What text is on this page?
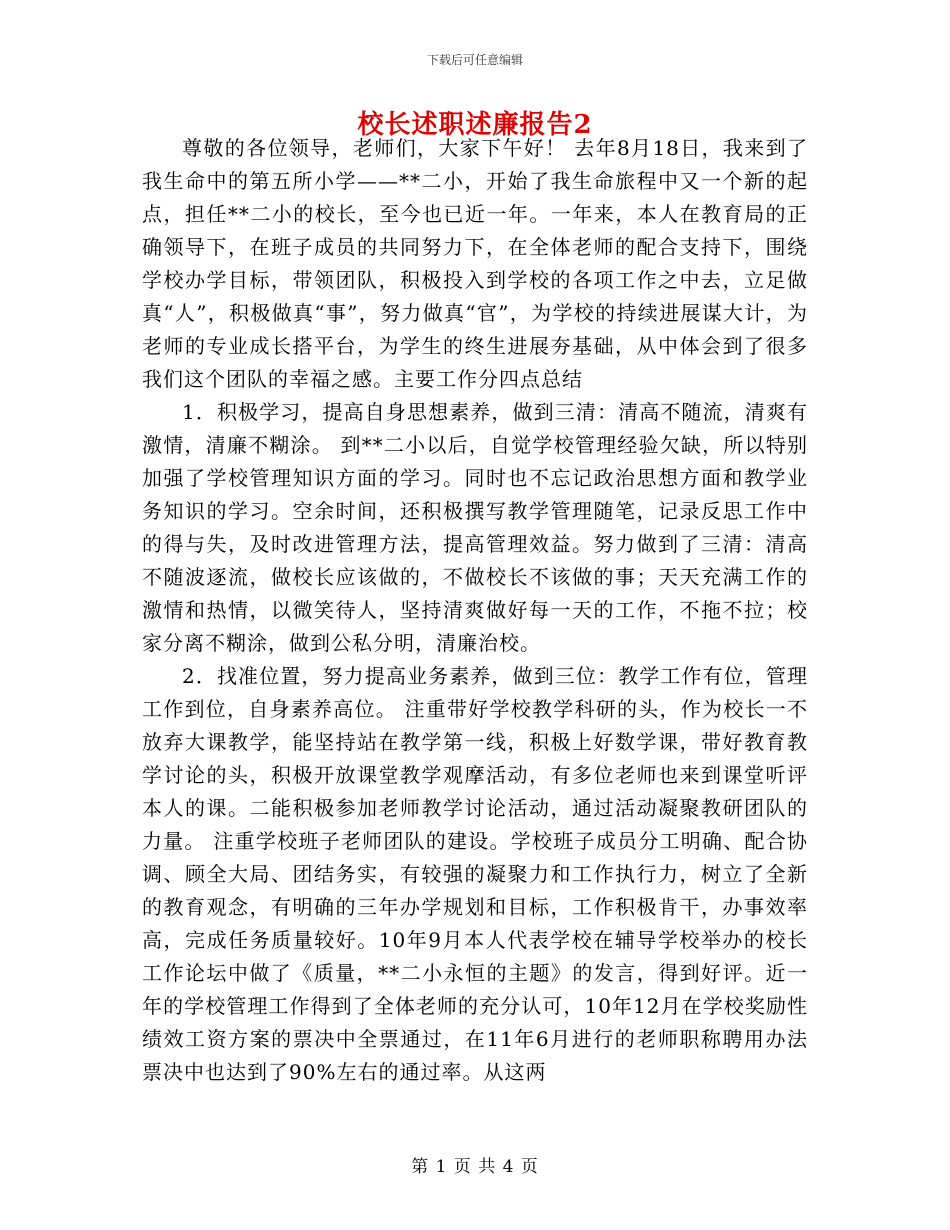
下载后可任意编辑
校长述职述廉报告2

尊敬的各位领导，老师们，大家下午好！ 去年8月18日，我来到了我生命中的第五所小学——**二小，开始了我生命旅程中又一个新的起点，担任**二小的校长，至今也已近一年。一年来，本人在教育局的正确领导下，在班子成员的共同努力下，在全体老师的配合支持下，围绕学校办学目标，带领团队，积极投入到学校的各项工作之中去，立足做真“人”，积极做真“事”，努力做真“官”，为学校的持续进展谋大计，为老师的专业成长搭平台，为学生的终生进展夯基础，从中体会到了很多我们这个团队的幸福之感。主要工作分四点总结

1．积极学习，提高自身思想素养，做到三清：清高不随流，清爽有激情，清廉不糊涂。 到**二小以后，自觉学校管理经验欠缺，所以特别加强了学校管理知识方面的学习。同时也不忘记政治思想方面和教学业务知识的学习。空余时间，还积极撰写教学管理随笔，记录反思工作中的得与失，及时改进管理方法，提高管理效益。努力做到了三清：清高不随波逐流，做校长应该做的，不做校长不该做的事；天天充满工作的激情和热情，以微笑待人，坚持清爽做好每一天的工作，不拖不拉；校家分离不糊涂，做到公私分明，清廉治校。

2．找准位置，努力提高业务素养，做到三位：教学工作有位，管理工作到位，自身素养高位。 注重带好学校教学科研的头，作为校长一不放弃大课教学，能坚持站在教学第一线，积极上好数学课，带好教育教学讨论的头，积极开放课堂教学观摩活动，有多位老师也来到课堂听评本人的课。二能积极参加老师教学讨论活动，通过活动凝聚教研团队的力量。 注重学校班子老师团队的建设。学校班子成员分工明确、配合协调、顾全大局、团结务实，有较强的凝聚力和工作执行力，树立了全新的教育观念，有明确的三年办学规划和目标，工作积极肯干，办事效率高，完成任务质量较好。10年9月本人代表学校在辅导学校举办的校长工作论坛中做了《质量，**二小永恒的主题》的发言，得到好评。近一年的学校管理工作得到了全体老师的充分认可，10年12月在学校奖励性绩效工资方案的票决中全票通过，在11年6月进行的老师职称聘用办法票决中也达到了90%左右的通过率。从这两

第 1 页 共 4 页
